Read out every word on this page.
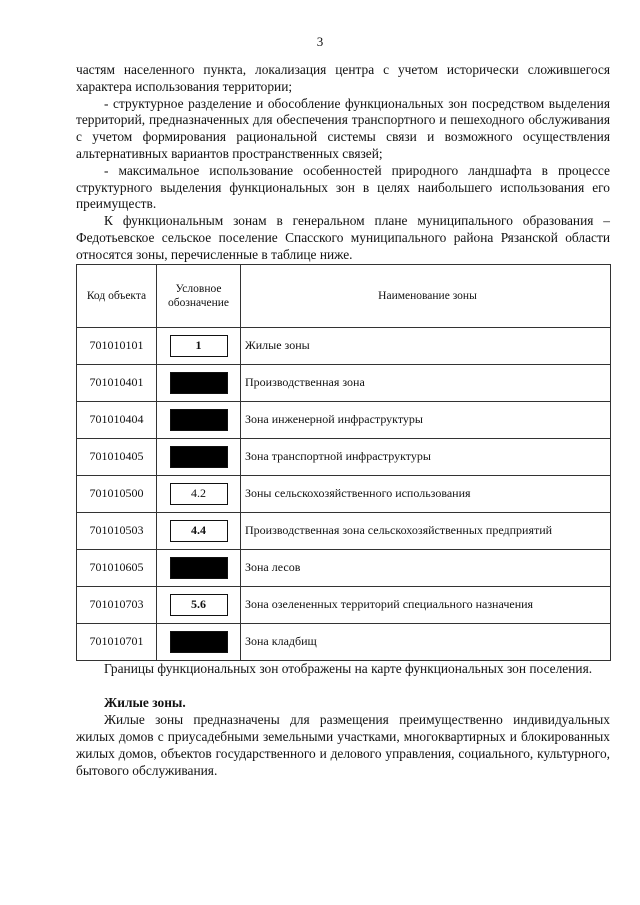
3

частям населенного пункта, локализация центра с учетом исторически сложившегося характера использования территории;

- структурное разделение и обособление функциональных зон посредством выделения территорий, предназначенных для обеспечения транспортного и пешеходного обслуживания с учетом формирования рациональной системы связи и возможного осуществления альтернативных вариантов пространственных связей;

- максимальное использование особенностей природного ландшафта в процессе структурного выделения функциональных зон в целях наибольшего использования его преимуществ.

К функциональным зонам в генеральном плане муниципального образования – Федотьевское сельское поселение Спасского муниципального района Рязанской области относятся зоны, перечисленные в таблице ниже.

Код объекта	Условное обозначение	Наименование зоны
701010101	1	Жилые зоны
701010401		Производственная зона
701010404		Зона инженерной инфраструктуры
701010405		Зона транспортной инфраструктуры
701010500	4.2	Зоны сельскохозяйственного использования
701010503	4.4	Производственная зона сельскохозяйственных предприятий
701010605		Зона лесов
701010703	5.6	Зона озелененных территорий специального назначения
701010701		Зона кладбищ

Границы функциональных зон отображены на карте функциональных зон поселения.

Жилые зоны.

Жилые зоны предназначены для размещения преимущественно индивидуальных жилых домов с приусадебными земельными участками, многоквартирных и блокированных жилых домов, объектов государственного и делового управления, социального, культурного, бытового обслуживания.
